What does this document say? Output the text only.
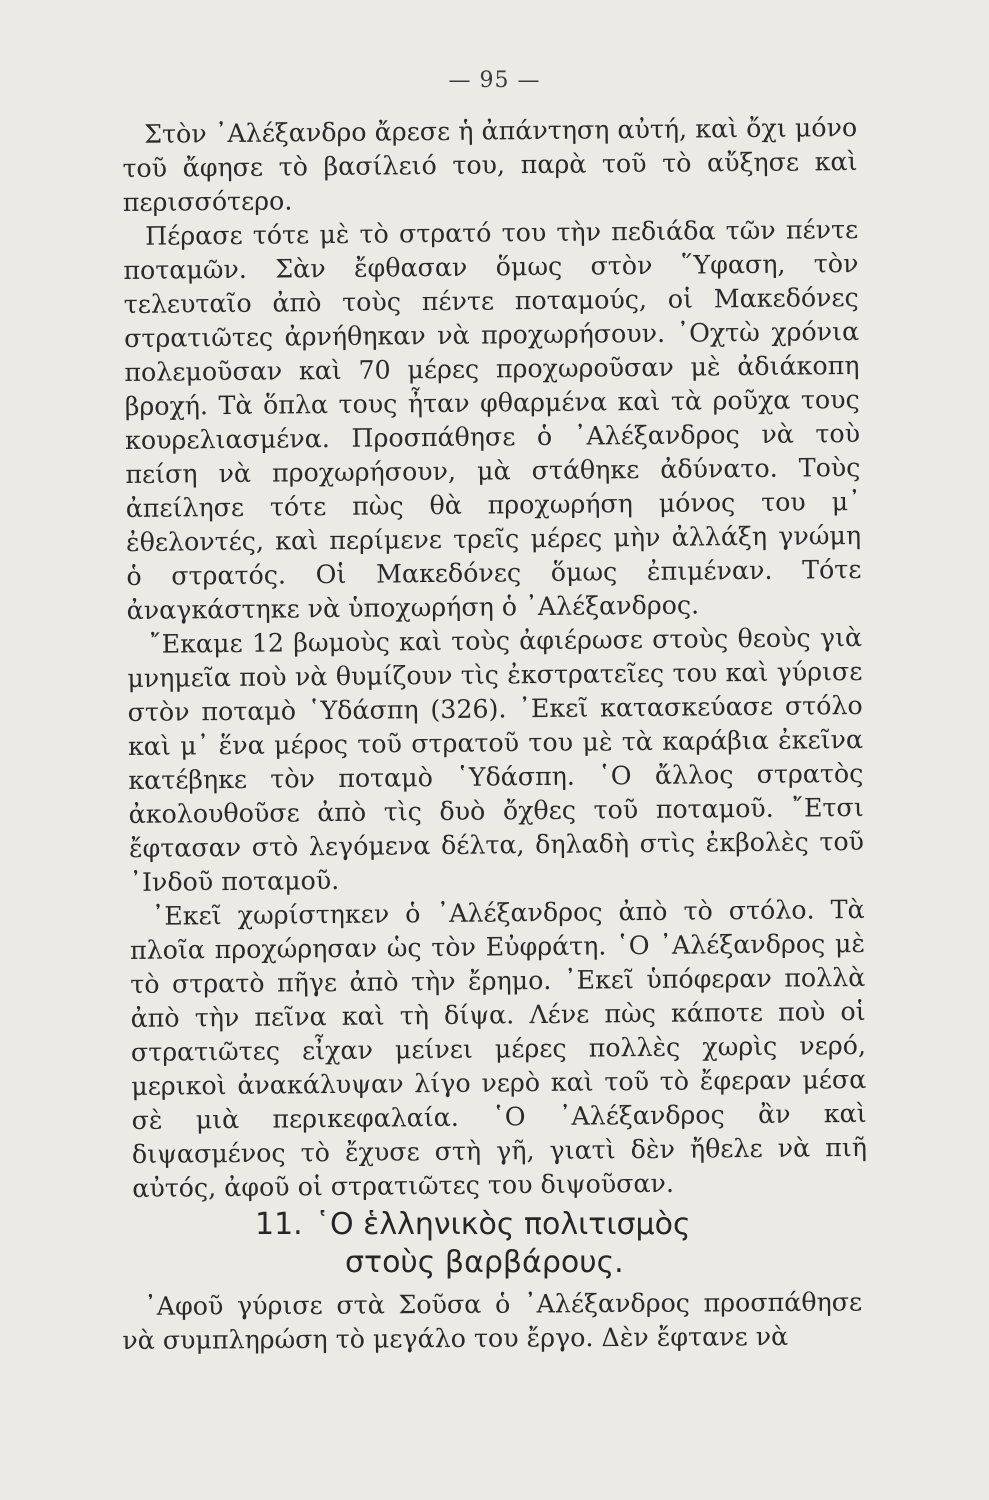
— 95 —

Στὸν ᾿Αλέξανδρο ἄρεσε ἡ ἀπάντηση αὐτή, καὶ ὄχι μόνο τοῦ ἄφησε τὸ βασίλειό του, παρὰ τοῦ τὸ αὔξησε καὶ περισσότερο.

Πέρασε τότε μὲ τὸ στρατό του τὴν πεδιάδα τῶν πέντε ποταμῶν. Σὰν ἔφθασαν ὅμως στὸν ῞Υφαση, τὸν τελευταῖο ἀπὸ τοὺς πέντε ποταμούς, οἱ Μακεδόνες στρατιῶτες ἀρνήθηκαν νὰ προχωρήσουν. ᾿Οχτὼ χρόνια πολεμοῦσαν καὶ 70 μέρες προχωροῦσαν μὲ ἀδιάκοπη βροχή. Τὰ ὅπλα τους ἦταν φθαρμένα καὶ τὰ ροῦχα τους κουρελιασμένα. Προσπάθησε ὁ ᾿Αλέξανδρος νὰ τοὺ πείση νὰ προχωρήσουν, μὰ στάθηκε ἀδύνατο. Τοὺς ἀπείλησε τότε πὼς θὰ προχωρήση μόνος του μ᾿ ἐθελοντές, καὶ περίμενε τρεῖς μέρες μὴν ἀλλάξη γνώμη ὁ στρατός. Οἱ Μακεδόνες ὅμως ἐπιμέναν. Τότε ἀναγκάστηκε νὰ ὑποχωρήση ὁ ᾿Αλέξανδρος.

῎Εκαμε 12 βωμοὺς καὶ τοὺς ἀφιέρωσε στοὺς θεοὺς γιὰ μνημεῖα ποὺ νὰ θυμίζουν τὶς ἐκστρατεῖες του καὶ γύρισε στὸν ποταμὸ ῾Υδάσπη (326). ᾿Εκεῖ κατασκεύασε στόλο καὶ μ᾿ ἕνα μέρος τοῦ στρατοῦ του μὲ τὰ καράβια ἐκεῖνα κατέβηκε τὸν ποταμὸ ῾Υδάσπη. ῾Ο ἄλλος στρατὸς ἀκολουθοῦσε ἀπὸ τὶς δυὸ ὄχθες τοῦ ποταμοῦ. ῎Ετσι ἔφτασαν στὸ λεγόμενα δέλτα, δηλαδὴ στὶς ἐκβολὲς τοῦ ᾿Ινδοῦ ποταμοῦ.

᾿Εκεῖ χωρίστηκεν ὁ ᾿Αλέξανδρος ἀπὸ τὸ στόλο. Τὰ πλοῖα προχώρησαν ὡς τὸν Εὐφράτη. ῾Ο ᾿Αλέξανδρος μὲ τὸ στρατὸ πῆγε ἀπὸ τὴν ἔρημο. ᾿Εκεῖ ὑπόφεραν πολλὰ ἀπὸ τὴν πεῖνα καὶ τὴ δίψα. Λένε πὼς κάποτε ποὺ οἱ στρατιῶτες εἶχαν μείνει μέρες πολλὲς χωρὶς νερό, μερικοὶ ἀνακάλυψαν λίγο νερὸ καὶ τοῦ τὸ ἔφεραν μέσα σὲ μιὰ περικεφαλαία. ῾Ο ᾿Αλέξανδρος ἂν καὶ διψασμένος τὸ ἔχυσε στὴ γῆ, γιατὶ δὲν ἤθελε νὰ πιῆ αὐτός, ἀφοῦ οἱ στρατιῶτες του διψοῦσαν.

11. ῾Ο ἑλληνικὸς πολιτισμὸς
στοὺς βαρβάρους.

᾿Αφοῦ γύρισε στὰ Σοῦσα ὁ ᾿Αλέξανδρος προσπάθησε νὰ συμπληρώση τὸ μεγάλο του ἔργο. Δὲν ἔφτανε νὰ
